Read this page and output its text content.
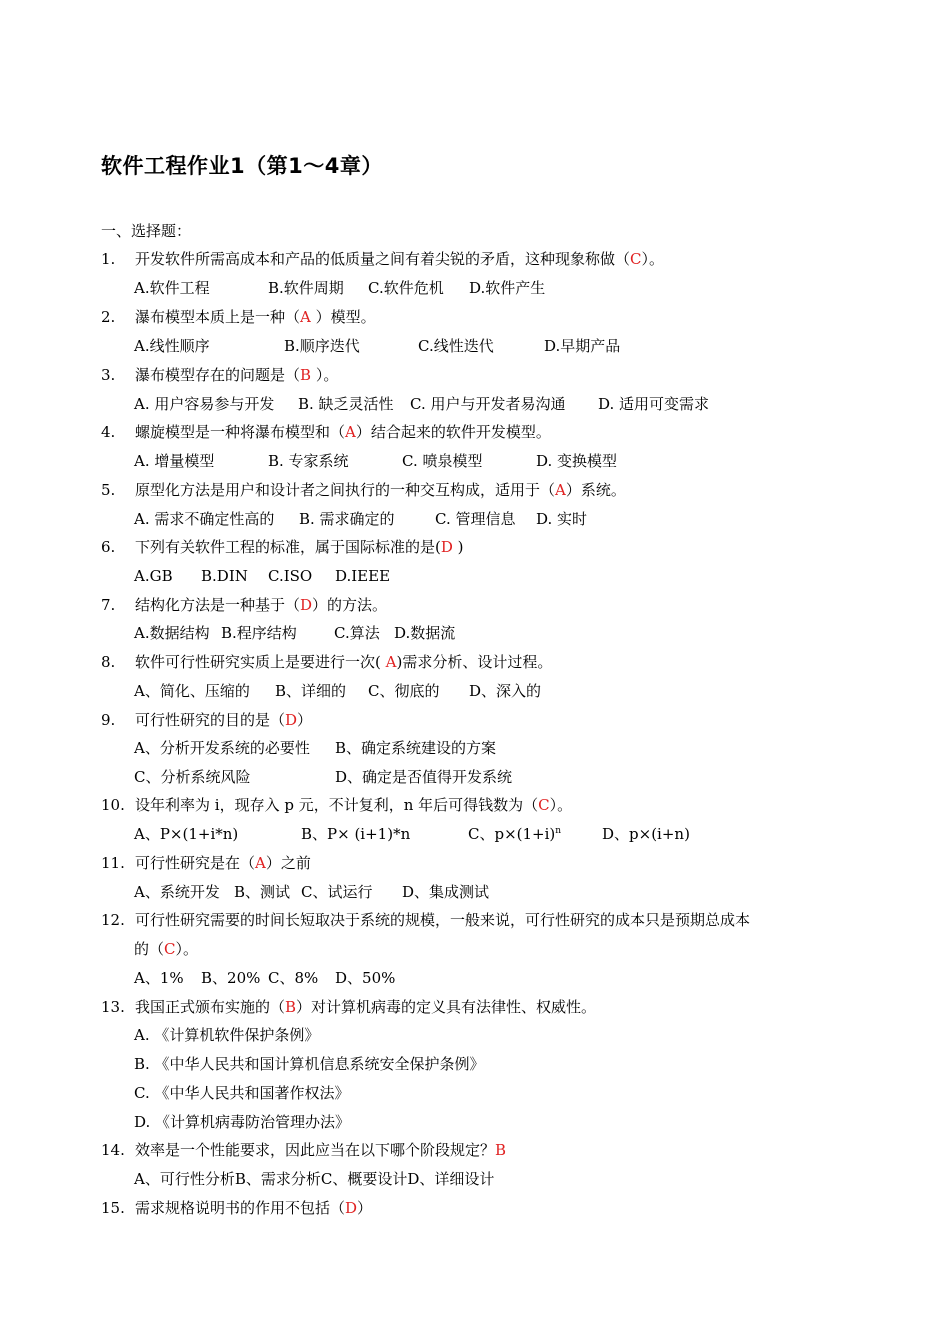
软件工程作业1（第1～4章）
一、选择题：
1. 开发软件所需高成本和产品的低质量之间有着尖锐的矛盾，这种现象称做（C）。
A.软件工程	B.软件周期 C.软件危机 D.软件产生
2. 瀑布模型本质上是一种（A ）模型。
A.线性顺序	B.顺序迭代	C.线性迭代	D.早期产品
3. 瀑布模型存在的问题是（B ）。
A. 用户容易参与开发 B. 缺乏灵活性 C. 用户与开发者易沟通 D. 适用可变需求
4. 螺旋模型是一种将瀑布模型和（A）结合起来的软件开发模型。
A. 增量模型	B. 专家系统	C. 喷泉模型	D. 变换模型
5. 原型化方法是用户和设计者之间执行的一种交互构成，适用于（A）系统。
A. 需求不确定性高的 B. 需求确定的	C. 管理信息 D. 实时
6. 下列有关软件工程的标准，属于国际标准的是(D )
A.GB B.DIN C.ISO D.IEEE
7. 结构化方法是一种基于（D）的方法。
A.数据结构 B.程序结构 C.算法 D.数据流
8. 软件可行性研究实质上是要进行一次( A)需求分析、设计过程。
A、简化、压缩的 B、详细的 C、彻底的 D、深入的
9. 可行性研究的目的是（D）
A、分析开发系统的必要性 B、确定系统建设的方案
C、分析系统风险	D、确定是否值得开发系统
10. 设年利率为 i，现存入 p 元，不计复利，n 年后可得钱数为（C）。
A、P×(1+i*n)	B、P× (i+1)*n	C、$p\times(1+i)^n$	D、p×(i+n)
11. 可行性研究是在（A）之前
A、系统开发 B、测试 C、试运行 D、集成测试
12. 可行性研究需要的时间长短取决于系统的规模，一般来说，可行性研究的成本只是预期总成本
的（C）。
A、1% B、20% C、8% D、50%
13. 我国正式颁布实施的（B）对计算机病毒的定义具有法律性、权威性。
A. 《计算机软件保护条例》
B. 《中华人民共和国计算机信息系统安全保护条例》
C. 《中华人民共和国著作权法》
D. 《计算机病毒防治管理办法》
14. 效率是一个性能要求，因此应当在以下哪个阶段规定？B
A、可行性分析B、需求分析C、概要设计D、详细设计
15. 需求规格说明书的作用不包括（D）
